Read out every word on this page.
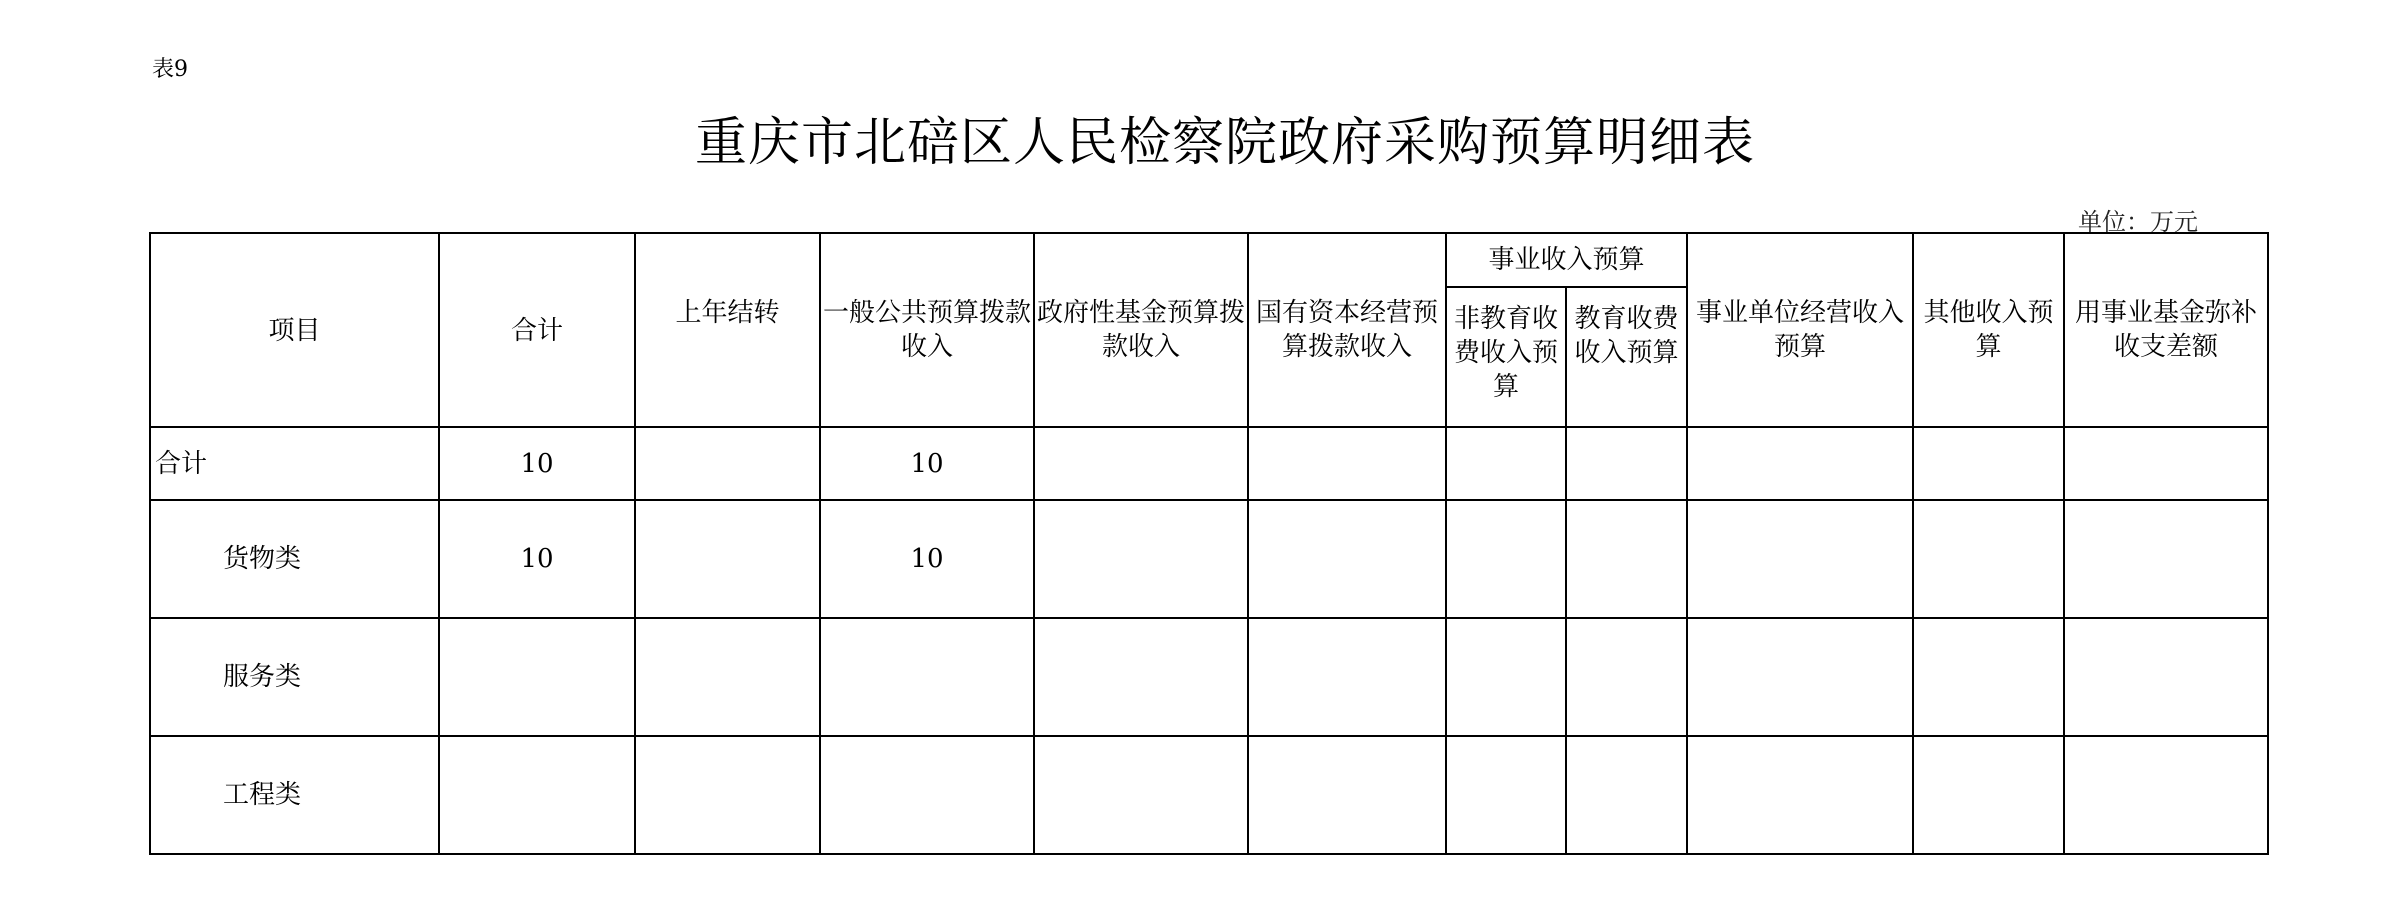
表9
重庆市北碚区人民检察院政府采购预算明细表
单位：万元
项目	合计	上年结转	一般公共预算拨款收入	政府性基金预算拨款收入	国有资本经营预算拨款收入	事业收入预算		事业单位经营收入预算	其他收入预算	用事业基金弥补收支差额
						非教育收费收入预算	教育收费收入预算			
合计	10		10							
货物类	10		10							
服务类										
工程类										
